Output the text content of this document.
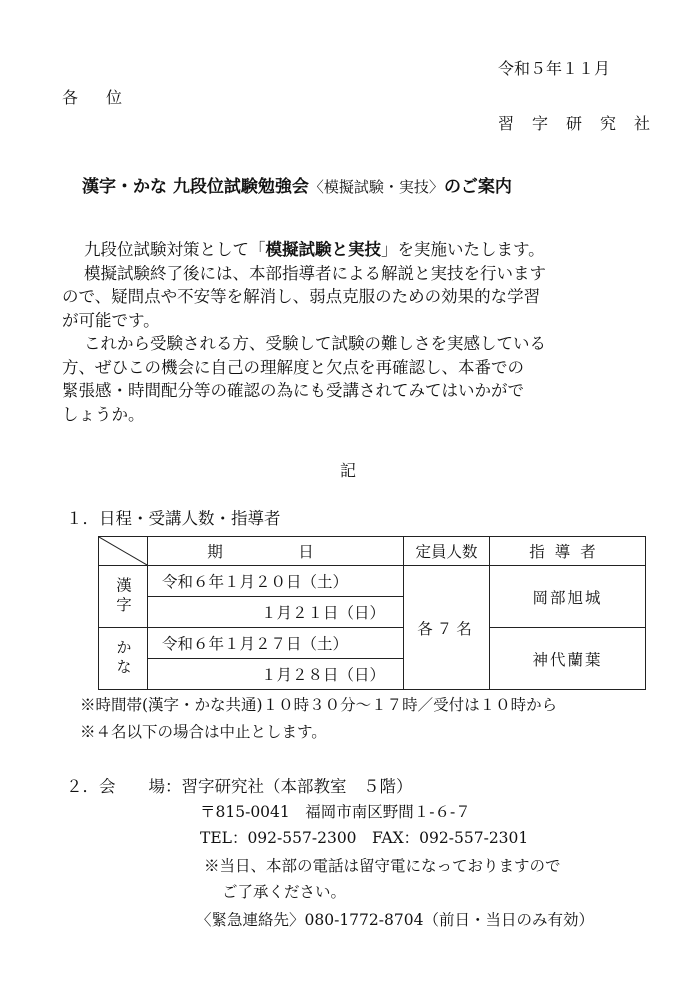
令和５年１１月
各　位
習　字　研　究　社
漢字・かな 九段位試験勉強会〈模擬試験・実技〉のご案内
九段位試験対策として「模擬試験と実技」を実施いたします。
模擬試験終了後には、本部指導者による解説と実技を行います
ので、疑問点や不安等を解消し、弱点克服のための効果的な学習
が可能です。
これから受験される方、受験して試験の難しさを実感している
方、ぜひこの機会に自己の理解度と欠点を再確認し、本番での
緊張感・時間配分等の確認の為にも受講されてみてはいかがで
しょうか。
記
１．日程・受講人数・指導者
	期　日	定員人数	指導者
漢字	令和６年１月２０日（土）	各７名	岡部旭城
	１月２１日（日）		
かな	令和６年１月２７日（土）		神代蘭葉
	１月２８日（日）		
※時間帯(漢字・かな共通)１０時３０分～１７時／受付は１０時から
※４名以下の場合は中止とします。
２．会　　場：習字研究社（本部教室　５階）
〒815-0041　福岡市南区野間１-６-７
TEL：092-557-2300　FAX：092-557-2301
※当日、本部の電話は留守電になっておりますので
ご了承ください。
〈緊急連絡先〉080-1772-8704（前日・当日のみ有効）
